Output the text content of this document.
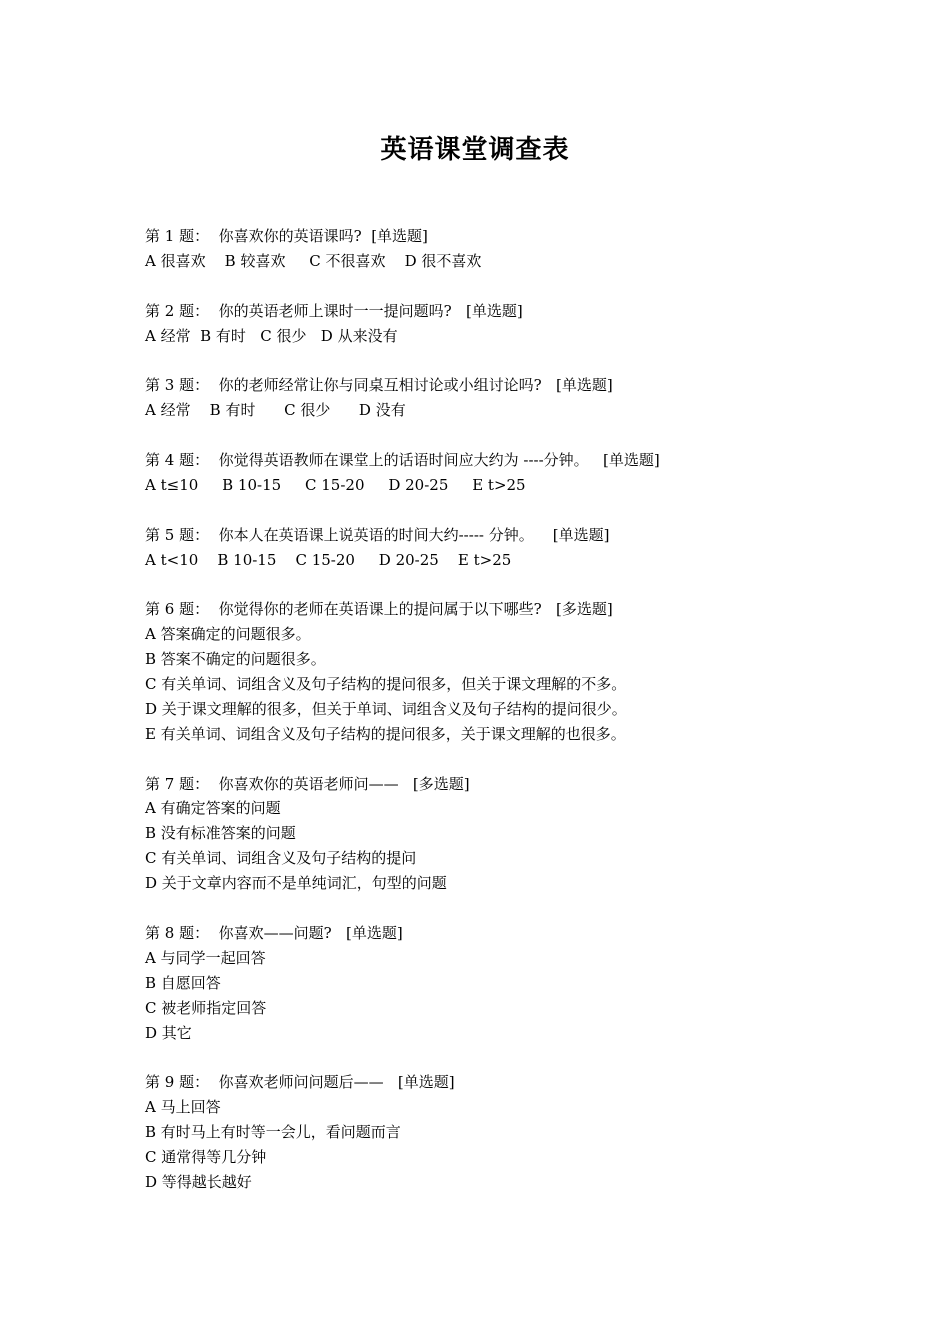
英语课堂调查表
第 1 题：  你喜欢你的英语课吗?  [单选题]
A 很喜欢    B 较喜欢     C 不很喜欢    D 很不喜欢
第 2 题：  你的英语老师上课时一一提问题吗?   [单选题]
A 经常  B 有时   C 很少   D 从来没有
第 3 题：  你的老师经常让你与同桌互相讨论或小组讨论吗?   [单选题]
A 经常    B 有时      C 很少      D 没有
第 4 题：  你觉得英语教师在课堂上的话语时间应大约为 ----分钟。   [单选题]
A t≤10     B 10-15     C 15-20     D 20-25     E t>25
第 5 题：  你本人在英语课上说英语的时间大约----- 分钟。    [单选题]
A t<10    B 10-15    C 15-20     D 20-25    E t>25
第 6 题：  你觉得你的老师在英语课上的提问属于以下哪些?   [多选题]
A 答案确定的问题很多。
B 答案不确定的问题很多。
C 有关单词、词组含义及句子结构的提问很多，但关于课文理解的不多。
D 关于课文理解的很多，但关于单词、词组含义及句子结构的提问很少。
E 有关单词、词组含义及句子结构的提问很多，关于课文理解的也很多。
第 7 题：  你喜欢你的英语老师问——   [多选题]
A 有确定答案的问题
B 没有标准答案的问题
C 有关单词、词组含义及句子结构的提问
D 关于文章内容而不是单纯词汇，句型的问题
第 8 题：  你喜欢——问题?   [单选题]
A 与同学一起回答
B 自愿回答
C 被老师指定回答
D 其它
第 9 题：  你喜欢老师问问题后——   [单选题]
A 马上回答
B 有时马上有时等一会儿，看问题而言
C 通常得等几分钟
D 等得越长越好
